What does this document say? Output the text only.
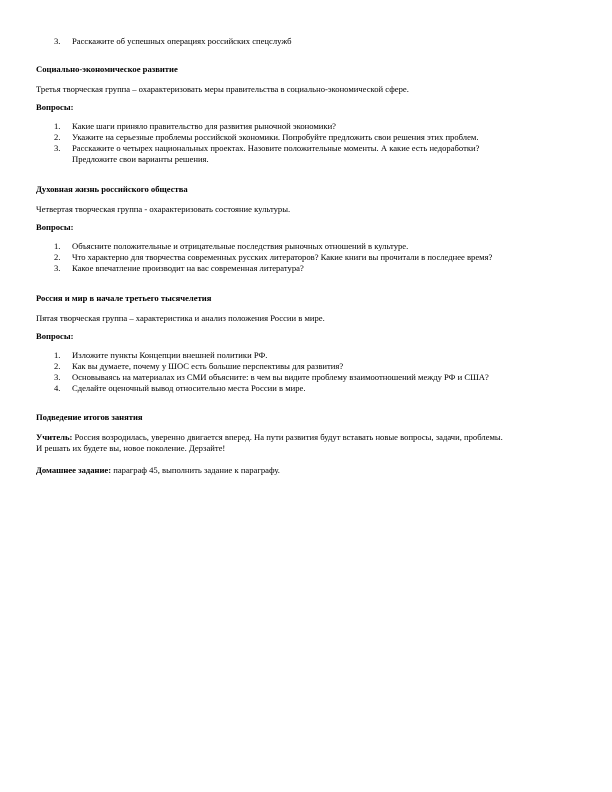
3. Расскажите об успешных операциях российских спецслужб
Социально-экономическое развитие
Третья творческая группа – охарактеризовать меры правительства в социально-экономической сфере.
Вопросы:
1. Какие шаги приняло правительство для развития рыночной экономики?
2. Укажите на серьезные проблемы российской экономики. Попробуйте предложить свои решения этих проблем.
3. Расскажите о четырех национальных проектах. Назовите положительные моменты. А какие есть недоработки?
Предложите свои варианты решения.
Духовная жизнь российского общества
Четвертая творческая группа - охарактеризовать состояние культуры.
Вопросы:
1. Объясните положительные и отрицательные последствия рыночных отношений в культуре.
2. Что характерно для творчества современных русских литераторов? Какие книги вы прочитали в последнее время?
3. Какое впечатление производит на вас современная литература?
Россия и мир в начале третьего тысячелетия
Пятая творческая группа – характеристика и анализ положения России в мире.
Вопросы:
1. Изложите пункты Концепции внешней политики РФ.
2. Как вы думаете, почему у ШОС есть большие перспективы для развития?
3. Основываясь на материалах из СМИ объясните: в чем вы видите проблему взаимоотношений между РФ и США?
4. Сделайте оценочный вывод относительно места России в мире.
Подведение итогов занятия
Учитель: Россия возродилась, уверенно двигается вперед. На пути развития будут вставать новые вопросы, задачи, проблемы.
И решать их будете вы, новое поколение. Дерзайте!
Домашнее задание: параграф 45, выполнить задание к параграфу.
